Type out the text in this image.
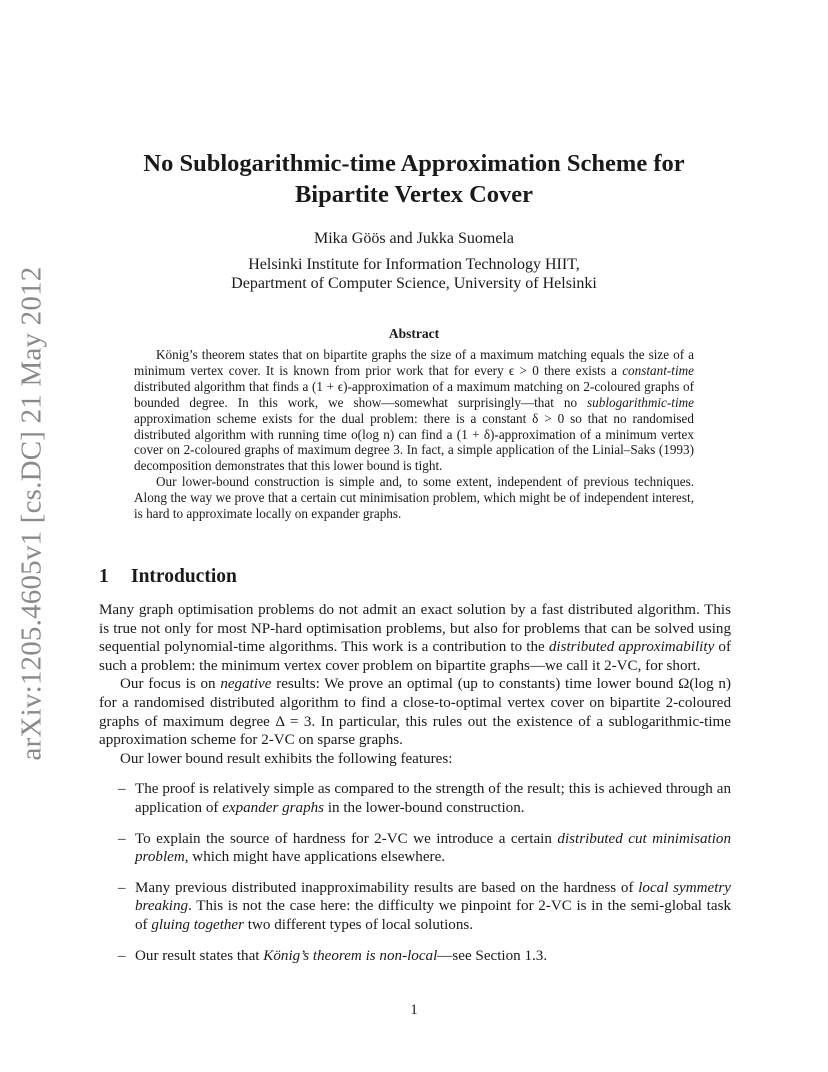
arXiv:1205.4605v1 [cs.DC] 21 May 2012
No Sublogarithmic-time Approximation Scheme for
Bipartite Vertex Cover
Mika Göös and Jukka Suomela
Helsinki Institute for Information Technology HIIT,
Department of Computer Science, University of Helsinki
Abstract

König’s theorem states that on bipartite graphs the size of a maximum matching equals the size of a minimum vertex cover. It is known from prior work that for every ϵ > 0 there exists a constant-time distributed algorithm that finds a (1 + ϵ)-approximation of a maximum matching on 2-coloured graphs of bounded degree. In this work, we show—somewhat surprisingly—that no sublogarithmic-time approximation scheme exists for the dual problem: there is a constant δ > 0 so that no randomised distributed algorithm with running time o(log n) can find a (1 + δ)-approximation of a minimum vertex cover on 2-coloured graphs of maximum degree 3. In fact, a simple application of the Linial–Saks (1993) decomposition demonstrates that this lower bound is tight.

Our lower-bound construction is simple and, to some extent, independent of previous techniques. Along the way we prove that a certain cut minimisation problem, which might be of independent interest, is hard to approximate locally on expander graphs.

1 Introduction

Many graph optimisation problems do not admit an exact solution by a fast distributed algorithm. This is true not only for most NP-hard optimisation problems, but also for problems that can be solved using sequential polynomial-time algorithms. This work is a contribution to the distributed approximability of such a problem: the minimum vertex cover problem on bipartite graphs—we call it 2-VC, for short.

Our focus is on negative results: We prove an optimal (up to constants) time lower bound Ω(log n) for a randomised distributed algorithm to find a close-to-optimal vertex cover on bipartite 2-coloured graphs of maximum degree Δ = 3. In particular, this rules out the existence of a sublogarithmic-time approximation scheme for 2-VC on sparse graphs.

Our lower bound result exhibits the following features:

– The proof is relatively simple as compared to the strength of the result; this is achieved through an application of expander graphs in the lower-bound construction.
– To explain the source of hardness for 2-VC we introduce a certain distributed cut minimisation problem, which might have applications elsewhere.
– Many previous distributed inapproximability results are based on the hardness of local symmetry breaking. This is not the case here: the difficulty we pinpoint for 2-VC is in the semi-global task of gluing together two different types of local solutions.
– Our result states that König’s theorem is non-local—see Section 1.3.
1
